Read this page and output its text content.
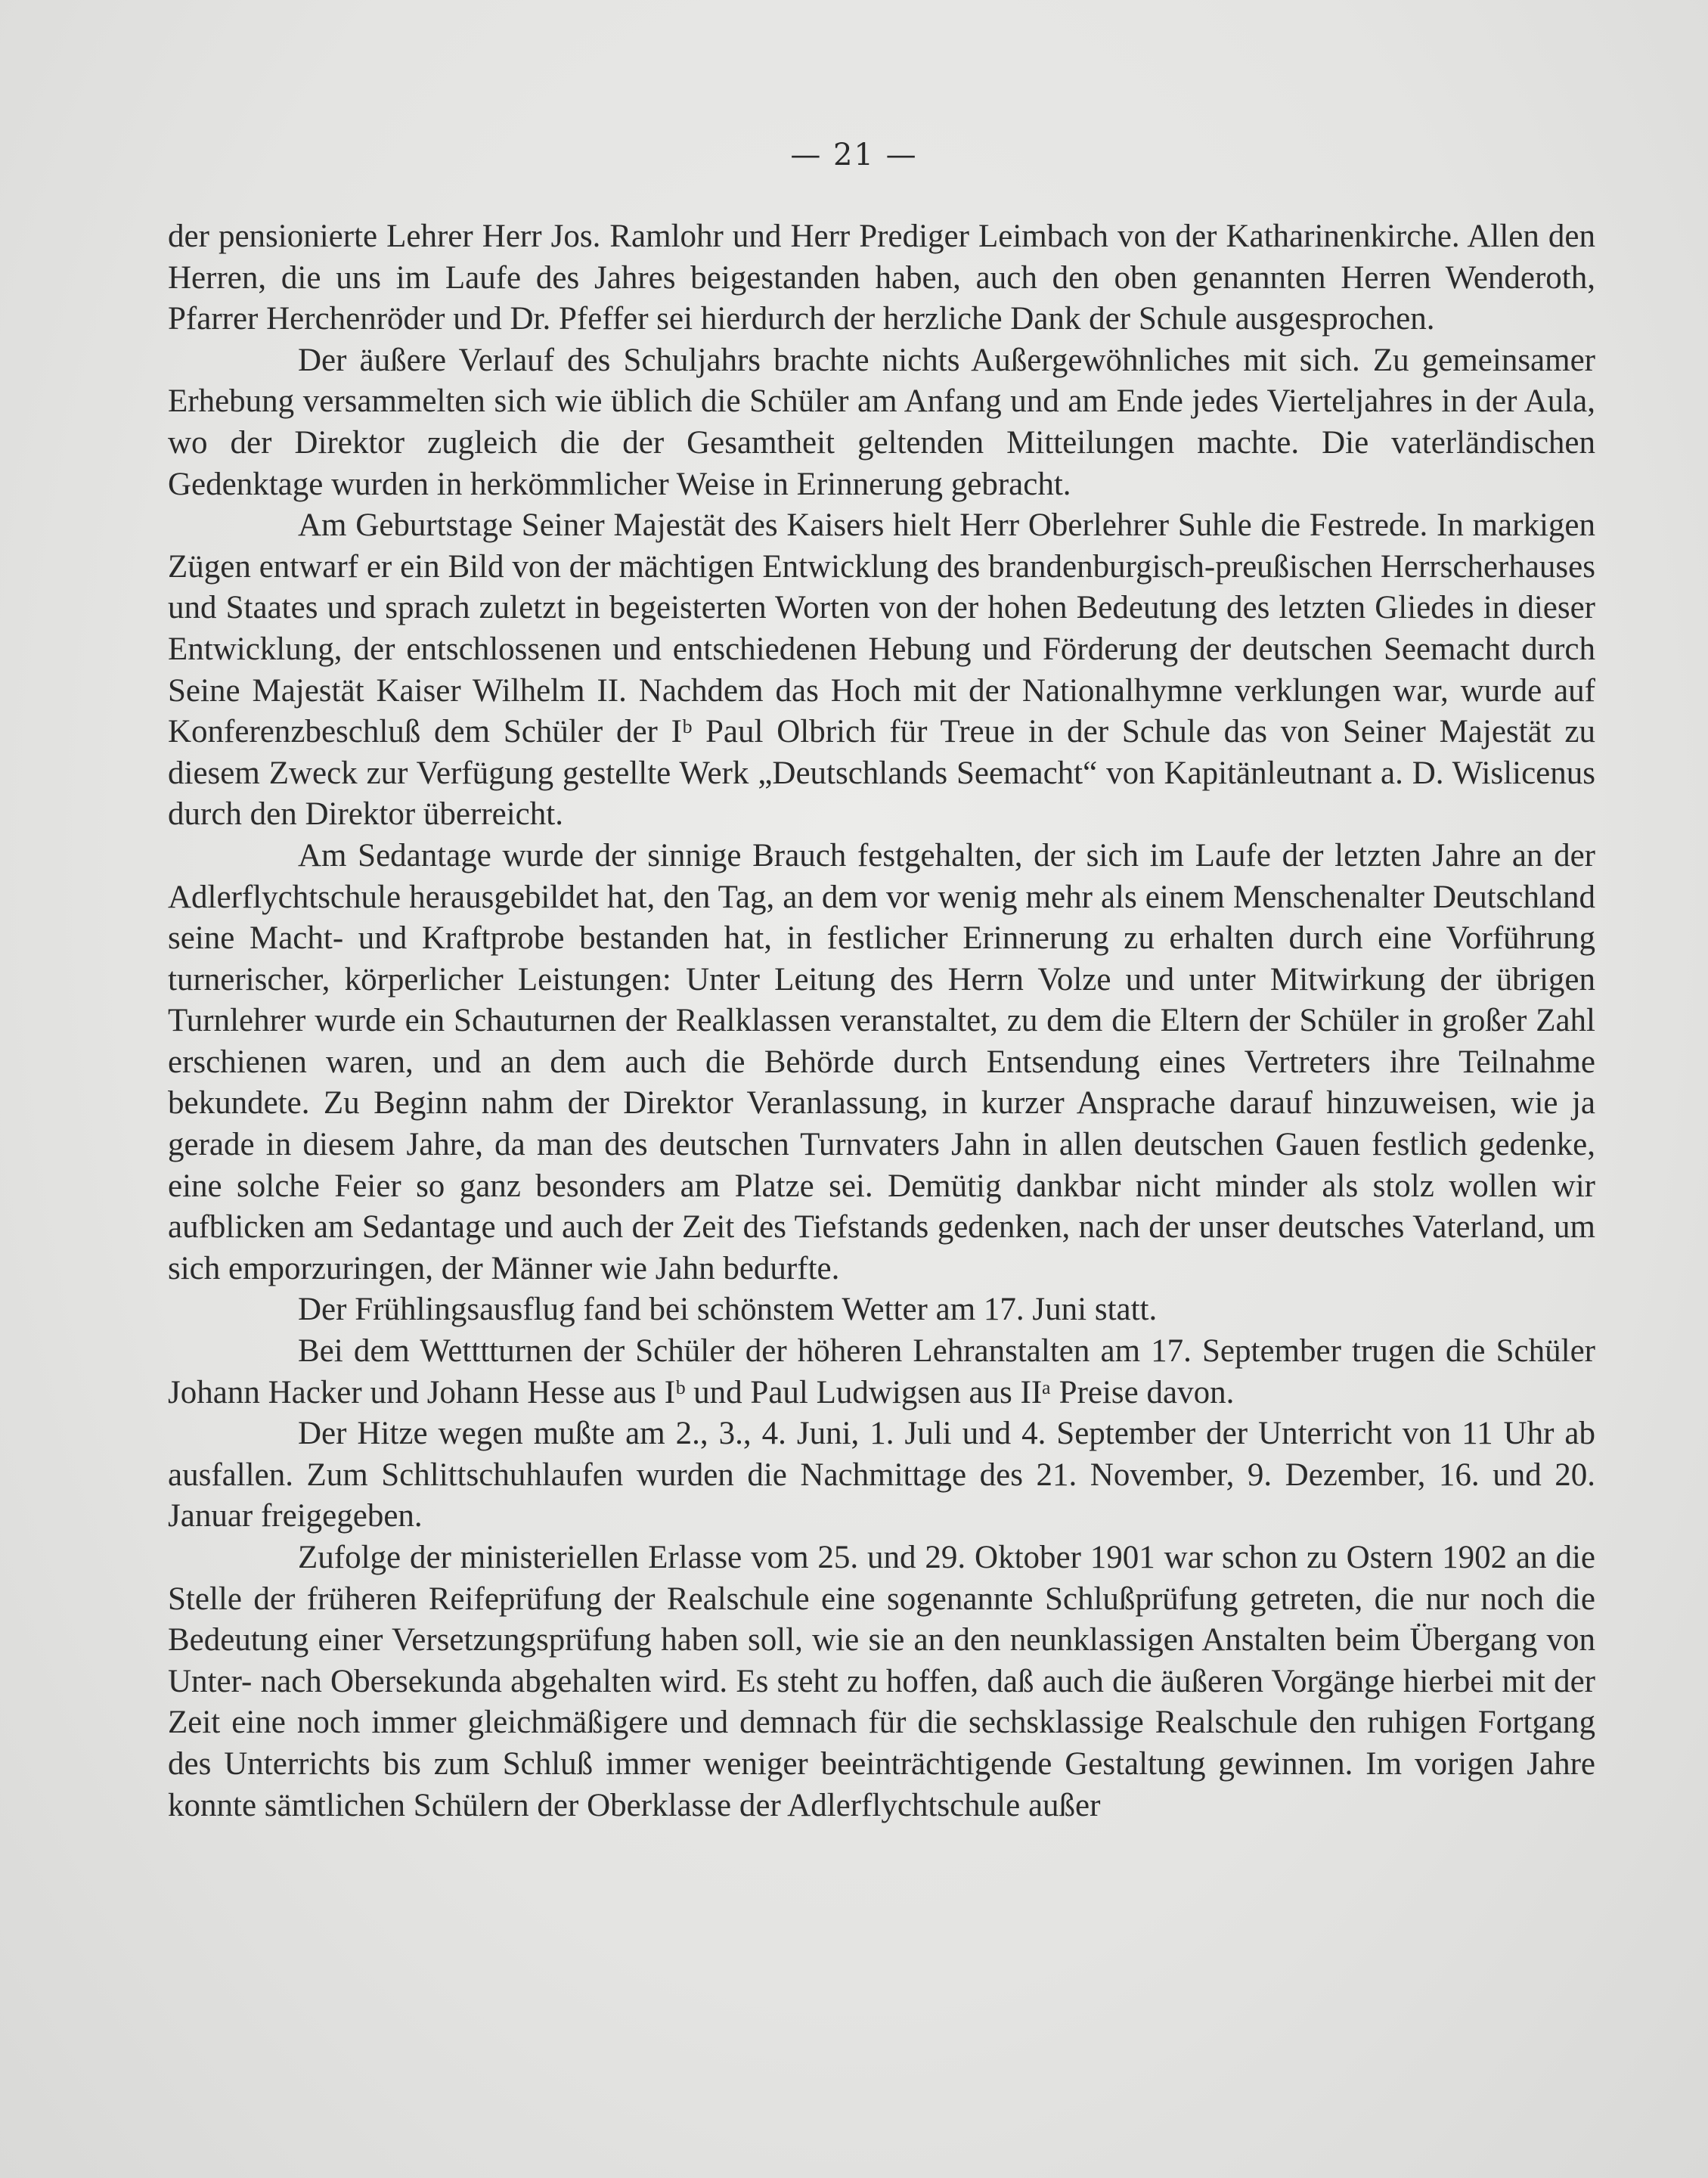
— 21 —

der pensionierte Lehrer Herr Jos. Ramlohr und Herr Prediger Leimbach von der Katharinenkirche. Allen den Herren, die uns im Laufe des Jahres beigestanden haben, auch den oben genannten Herren Wenderoth, Pfarrer Herchenröder und Dr. Pfeffer sei hierdurch der herzliche Dank der Schule ausgesprochen.

Der äußere Verlauf des Schuljahrs brachte nichts Außergewöhnliches mit sich. Zu gemeinsamer Erhebung versammelten sich wie üblich die Schüler am Anfang und am Ende jedes Vierteljahres in der Aula, wo der Direktor zugleich die der Gesamtheit geltenden Mitteilungen machte. Die vaterländischen Gedenktage wurden in herkömmlicher Weise in Erinnerung gebracht.

Am Geburtstage Seiner Majestät des Kaisers hielt Herr Oberlehrer Suhle die Festrede. In markigen Zügen entwarf er ein Bild von der mächtigen Entwicklung des brandenburgisch-preußischen Herrscherhauses und Staates und sprach zuletzt in begeisterten Worten von der hohen Bedeutung des letzten Gliedes in dieser Entwicklung, der entschlossenen und entschiedenen Hebung und Förderung der deutschen Seemacht durch Seine Majestät Kaiser Wilhelm II. Nachdem das Hoch mit der Nationalhymne verklungen war, wurde auf Konferenzbeschluß dem Schüler der Iᵇ Paul Olbrich für Treue in der Schule das von Seiner Majestät zu diesem Zweck zur Verfügung gestellte Werk „Deutschlands Seemacht“ von Kapitänleutnant a. D. Wislicenus durch den Direktor überreicht.

Am Sedantage wurde der sinnige Brauch festgehalten, der sich im Laufe der letzten Jahre an der Adlerflychtschule herausgebildet hat, den Tag, an dem vor wenig mehr als einem Menschenalter Deutschland seine Macht- und Kraftprobe bestanden hat, in festlicher Erinnerung zu erhalten durch eine Vorführung turnerischer, körperlicher Leistungen: Unter Leitung des Herrn Volze und unter Mitwirkung der übrigen Turnlehrer wurde ein Schauturnen der Realklassen veranstaltet, zu dem die Eltern der Schüler in großer Zahl erschienen waren, und an dem auch die Behörde durch Entsendung eines Vertreters ihre Teilnahme bekundete. Zu Beginn nahm der Direktor Veranlassung, in kurzer Ansprache darauf hinzuweisen, wie ja gerade in diesem Jahre, da man des deutschen Turnvaters Jahn in allen deutschen Gauen festlich gedenke, eine solche Feier so ganz besonders am Platze sei. Demütig dankbar nicht minder als stolz wollen wir aufblicken am Sedantage und auch der Zeit des Tiefstands gedenken, nach der unser deutsches Vaterland, um sich emporzuringen, der Männer wie Jahn bedurfte.

Der Frühlingsausflug fand bei schönstem Wetter am 17. Juni statt.

Bei dem Wetttturnen der Schüler der höheren Lehranstalten am 17. September trugen die Schüler Johann Hacker und Johann Hesse aus Iᵇ und Paul Ludwigsen aus IIᵃ Preise davon.

Der Hitze wegen mußte am 2., 3., 4. Juni, 1. Juli und 4. September der Unterricht von 11 Uhr ab ausfallen. Zum Schlittschuhlaufen wurden die Nachmittage des 21. November, 9. Dezember, 16. und 20. Januar freigegeben.

Zufolge der ministeriellen Erlasse vom 25. und 29. Oktober 1901 war schon zu Ostern 1902 an die Stelle der früheren Reifeprüfung der Realschule eine sogenannte Schlußprüfung getreten, die nur noch die Bedeutung einer Versetzungsprüfung haben soll, wie sie an den neunklassigen Anstalten beim Übergang von Unter- nach Obersekunda abgehalten wird. Es steht zu hoffen, daß auch die äußeren Vorgänge hierbei mit der Zeit eine noch immer gleichmäßigere und demnach für die sechsklassige Realschule den ruhigen Fortgang des Unterrichts bis zum Schluß immer weniger beeinträchtigende Gestaltung gewinnen. Im vorigen Jahre konnte sämtlichen Schülern der Oberklasse der Adlerflychtschule außer
